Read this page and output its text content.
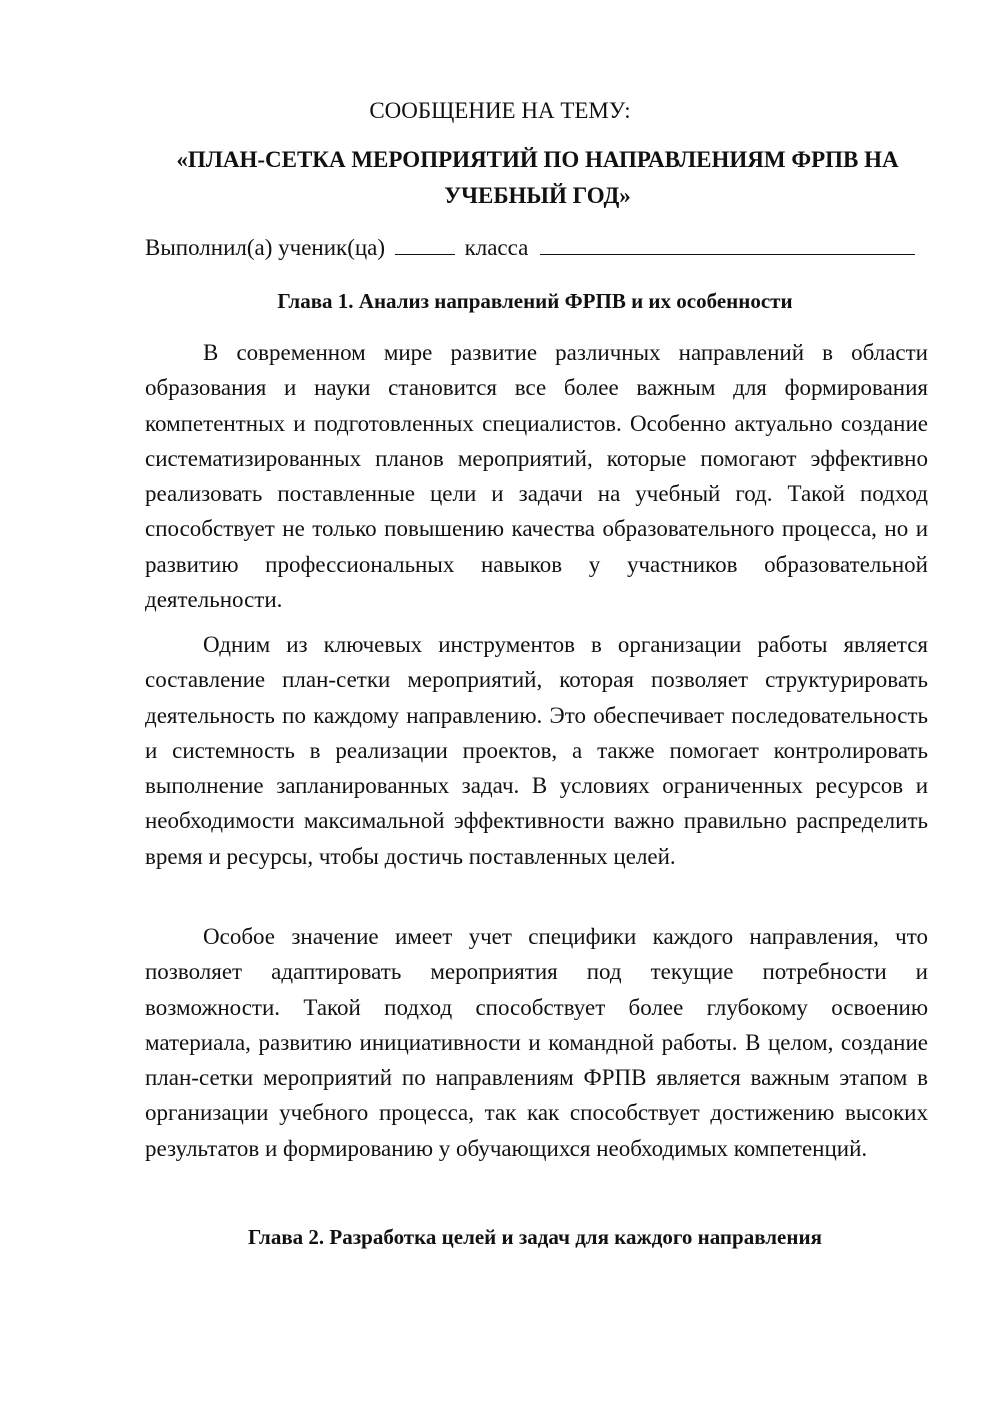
СООБЩЕНИЕ НА ТЕМУ:
«ПЛАН-СЕТКА МЕРОПРИЯТИЙ ПО НАПРАВЛЕНИЯМ ФРПВ НА УЧЕБНЫЙ ГОД»
Выполнил(а) ученик(ца)	класса
Глава 1. Анализ направлений ФРПВ и их особенности

В современном мире развитие различных направлений в области образования и науки становится все более важным для формирования компетентных и подготовленных специалистов. Особенно актуально создание систематизированных планов мероприятий, которые помогают эффективно реализовать поставленные цели и задачи на учебный год. Такой подход способствует не только повышению качества образовательного процесса, но и развитию профессиональных навыков у участников образовательной деятельности.

Одним из ключевых инструментов в организации работы является составление план-сетки мероприятий, которая позволяет структурировать деятельность по каждому направлению. Это обеспечивает последовательность и системность в реализации проектов, а также помогает контролировать выполнение запланированных задач. В условиях ограниченных ресурсов и необходимости максимальной эффективности важно правильно распределить время и ресурсы, чтобы достичь поставленных целей.

Особое значение имеет учет специфики каждого направления, что позволяет адаптировать мероприятия под текущие потребности и возможности. Такой подход способствует более глубокому освоению материала, развитию инициативности и командной работы. В целом, создание план-сетки мероприятий по направлениям ФРПВ является важным этапом в организации учебного процесса, так как способствует достижению высоких результатов и формированию у обучающихся необходимых компетенций.

Глава 2. Разработка целей и задач для каждого направления
